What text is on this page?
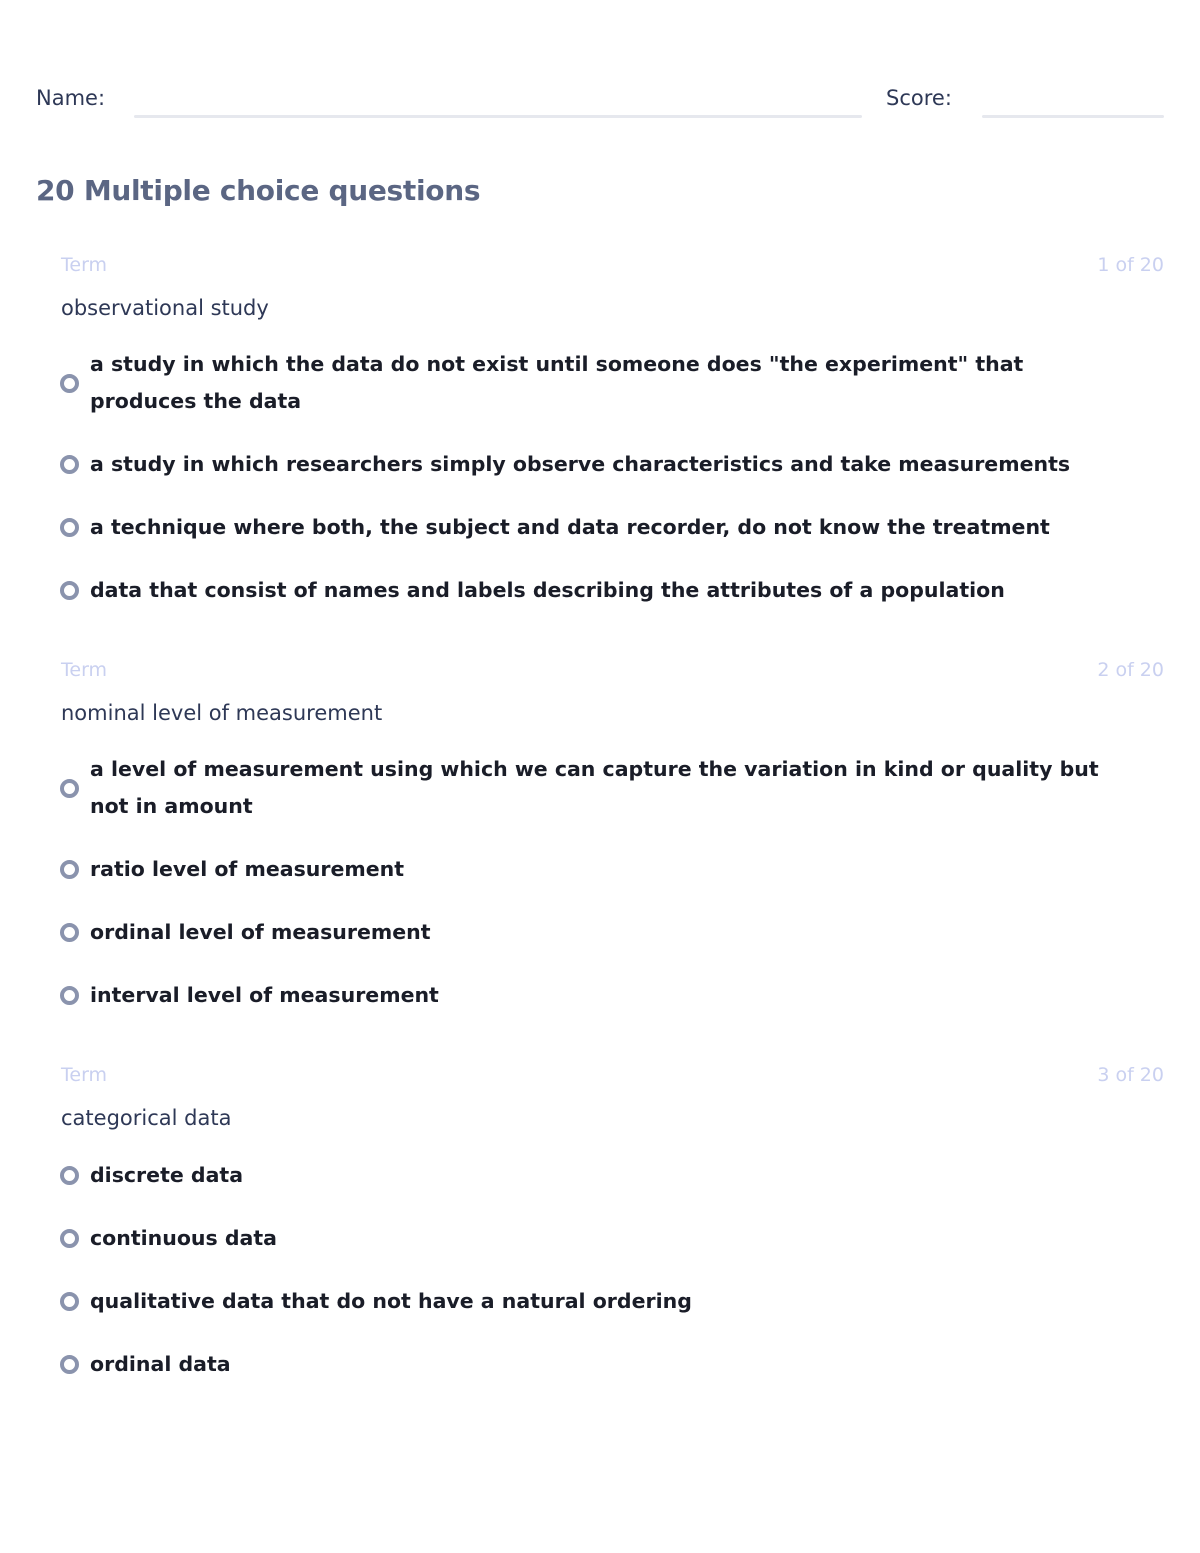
Name:	Score:
20 Multiple choice questions
Term	1 of 20
observational study
a study in which the data do not exist until someone does "the experiment" that produces the data
a study in which researchers simply observe characteristics and take measurements
a technique where both, the subject and data recorder, do not know the treatment
data that consist of names and labels describing the attributes of a population
Term	2 of 20
nominal level of measurement
a level of measurement using which we can capture the variation in kind or quality but not in amount
ratio level of measurement
ordinal level of measurement
interval level of measurement
Term	3 of 20
categorical data
discrete data
continuous data
qualitative data that do not have a natural ordering
ordinal data
